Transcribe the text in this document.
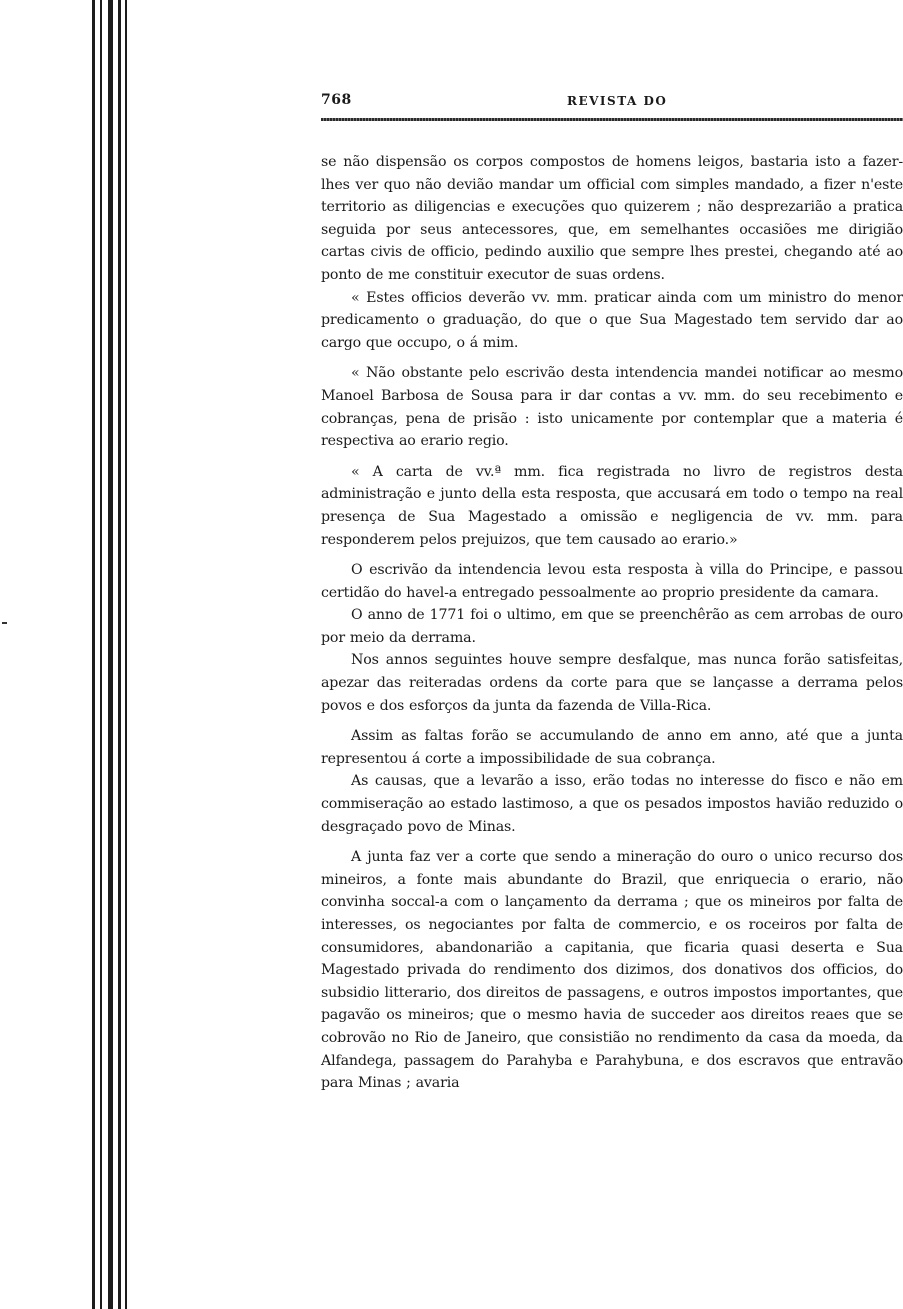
768	REVISTA DO

se não dispensão os corpos compostos de homens leigos, bastaria isto a fazer-lhes ver quo não devião mandar um official com simples mandado, a fizer n'este territorio as diligencias e execuções quo quizerem ; não desprezarião a pratica seguida por seus antecessores, que, em semelhantes occasiões me dirigião cartas civis de officio, pedindo auxilio que sempre lhes prestei, chegando até ao ponto de me constituir executor de suas ordens.

« Estes officios deverão vv. mm. praticar ainda com um ministro do menor predicamento o graduação, do que o que Sua Magestado tem servido dar ao cargo que occupo, o á mim.

« Não obstante pelo escrivão desta intendencia mandei notificar ao mesmo Manoel Barbosa de Sousa para ir dar contas a vv. mm. do seu recebimento e cobranças, pena de prisão : isto unicamente por contemplar que a materia é respectiva ao erario regio.

« A carta de vv.ª mm. fica registrada no livro de registros desta administração e junto della esta resposta, que accusará em todo o tempo na real presença de Sua Magestado a omissão e negligencia de vv. mm. para responderem pelos prejuizos, que tem causado ao erario.»

O escrivão da intendencia levou esta resposta à villa do Principe, e passou certidão do havel-a entregado pessoalmente ao proprio presidente da camara.

O anno de 1771 foi o ultimo, em que se preenchêrão as cem arrobas de ouro por meio da derrama.

Nos annos seguintes houve sempre desfalque, mas nunca forão satisfeitas, apezar das reiteradas ordens da corte para que se lançasse a derrama pelos povos e dos esforços da junta da fazenda de Villa-Rica.

Assim as faltas forão se accumulando de anno em anno, até que a junta representou á corte a impossibilidade de sua cobrança.

As causas, que a levarão a isso, erão todas no interesse do fisco e não em commiseração ao estado lastimoso, a que os pesados impostos havião reduzido o desgraçado povo de Minas.

A junta faz ver a corte que sendo a mineração do ouro o unico recurso dos mineiros, a fonte mais abundante do Brazil, que enriquecia o erario, não convinha soccal-a com o lançamento da derrama ; que os mineiros por falta de interesses, os negociantes por falta de commercio, e os roceiros por falta de consumidores, abandonarião a capitania, que ficaria quasi deserta e Sua Magestado privada do rendimento dos dizimos, dos donativos dos officios, do subsidio litterario, dos direitos de passagens, e outros impostos importantes, que pagavão os mineiros; que o mesmo havia de succeder aos direitos reaes que se cobrovão no Rio de Janeiro, que consistião no rendimento da casa da moeda, da Alfandega, passagem do Parahyba e Parahybuna, e dos escravos que entravão para Minas ; avaria
